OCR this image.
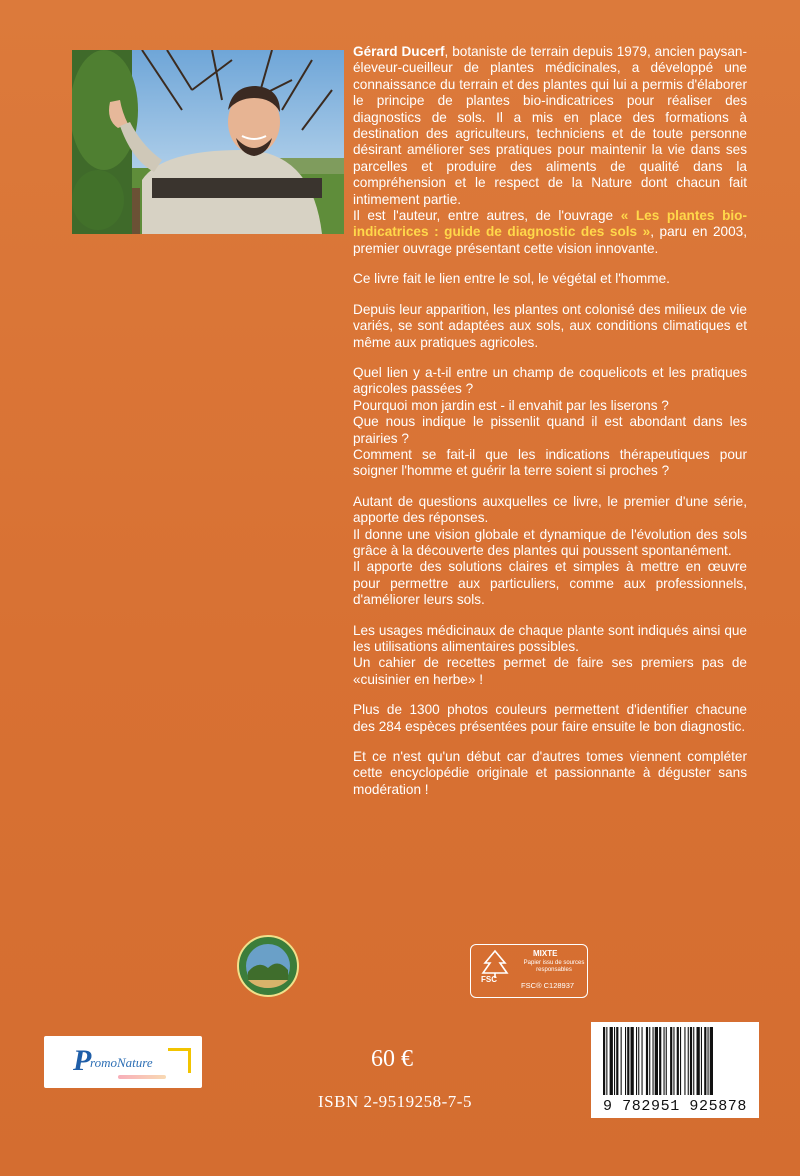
Gérard Ducerf, botaniste de terrain depuis 1979, ancien paysan-éleveur-cueilleur de plantes médicinales, a développé une connaissance du terrain et des plantes qui lui a permis d'élaborer le principe de plantes bio-indicatrices pour réaliser des diagnostics de sols. Il a mis en place des formations à destination des agriculteurs, techniciens et de toute personne désirant améliorer ses pratiques pour maintenir la vie dans ses parcelles et produire des aliments de qualité dans la compréhension et le respect de la Nature dont chacun fait intimement partie.

Il est l'auteur, entre autres, de l'ouvrage « Les plantes bio-indicatrices : guide de diagnostic des sols », paru en 2003, premier ouvrage présentant cette vision innovante.

Ce livre fait le lien entre le sol, le végétal et l'homme.

Depuis leur apparition, les plantes ont colonisé des milieux de vie variés, se sont adaptées aux sols, aux conditions climatiques et même aux pratiques agricoles.

Quel lien y a-t-il entre un champ de coquelicots et les pratiques agricoles passées ?

Pourquoi mon jardin est - il envahit par les liserons ?

Que nous indique le pissenlit quand il est abondant dans les prairies ?

Comment se fait-il que les indications thérapeutiques pour soigner l'homme et guérir la terre soient si proches ?

Autant de questions auxquelles ce livre, le premier d'une série, apporte des réponses.

Il donne une vision globale et dynamique de l'évolution des sols grâce à la découverte des plantes qui poussent spontanément.

Il apporte des solutions claires et simples à mettre en œuvre pour permettre aux particuliers, comme aux professionnels, d'améliorer leurs sols.

Les usages médicinaux de chaque plante sont indiqués ainsi que les utilisations alimentaires possibles.

Un cahier de recettes permet de faire ses premiers pas de «cuisinier en herbe» !

Plus de 1300 photos couleurs permettent d'identifier chacune des 284 espèces présentées pour faire ensuite le bon diagnostic.

Et ce n'est qu'un début car d'autres tomes viennent compléter cette encyclopédie originale et passionnante à déguster sans modération !

FSC
MIXTE
Papier issu de sources responsables
FSC® C128937
P
romoNature	60 €
ISBN 2-9519258-7-5	9 782951 925878
